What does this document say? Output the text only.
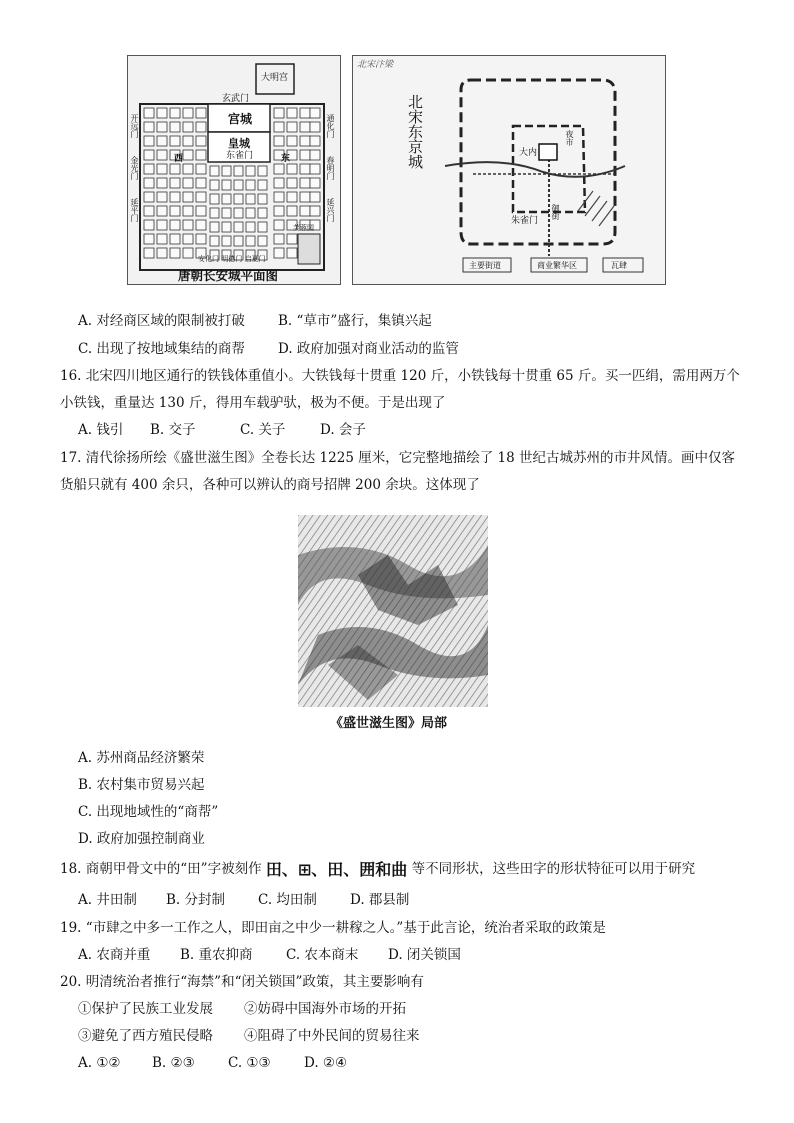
大明宫
玄武门
宫城
皇城
东雀门
西	东
开远门
金光门
延平门
通化门
春明门
延兴门
芙蓉园
安化门 明德门 启夏门
唐朝长安城平面图
北宋汴梁
北宋东京城	大内
夜市
朱雀门
御街
主要街道	商业繁华区	瓦肆
A. 对经商区域的限制被打破 B. “草市”盛行，集镇兴起
C. 出现了按地域集结的商帮 D. 政府加强对商业活动的监管
16. 北宋四川地区通行的铁钱体重值小。大铁钱每十贯重 120 斤，小铁钱每十贯重 65 斤。买一匹绢，需用两万个
小铁钱，重量达 130 斤，得用车载驴驮，极为不便。于是出现了
A. 钱引 B. 交子	C. 关子	D. 会子
17. 清代徐扬所绘《盛世滋生图》全卷长达 1225 厘米，它完整地描绘了 18 世纪古城苏州的市井风情。画中仅客
货船只就有 400 余只，各种可以辨认的商号招牌 200 余块。这体现了
《盛世滋生图》局部
A. 苏州商品经济繁荣
B. 农村集市贸易兴起
C. 出现地域性的“商帮”
D. 政府加强控制商业
18. 商朝甲骨文中的“田”字被刻作 田、⊞、田、囲和曲 等不同形状，这些田字的形状特征可以用于研究
A. 井田制 B. 分封制 C. 均田制 D. 郡县制
19. “市肆之中多一工作之人，即田亩之中少一耕稼之人。”基于此言论，统治者采取的政策是
A. 农商并重 B. 重农抑商 C. 农本商末 D. 闭关锁国
20. 明清统治者推行“海禁”和“闭关锁国”政策，其主要影响有
①保护了民族工业发展 ②妨碍中国海外市场的开拓
③避免了西方殖民侵略 ④阻碍了中外民间的贸易往来
A. ①② B. ②③ C. ①③ D. ②④
